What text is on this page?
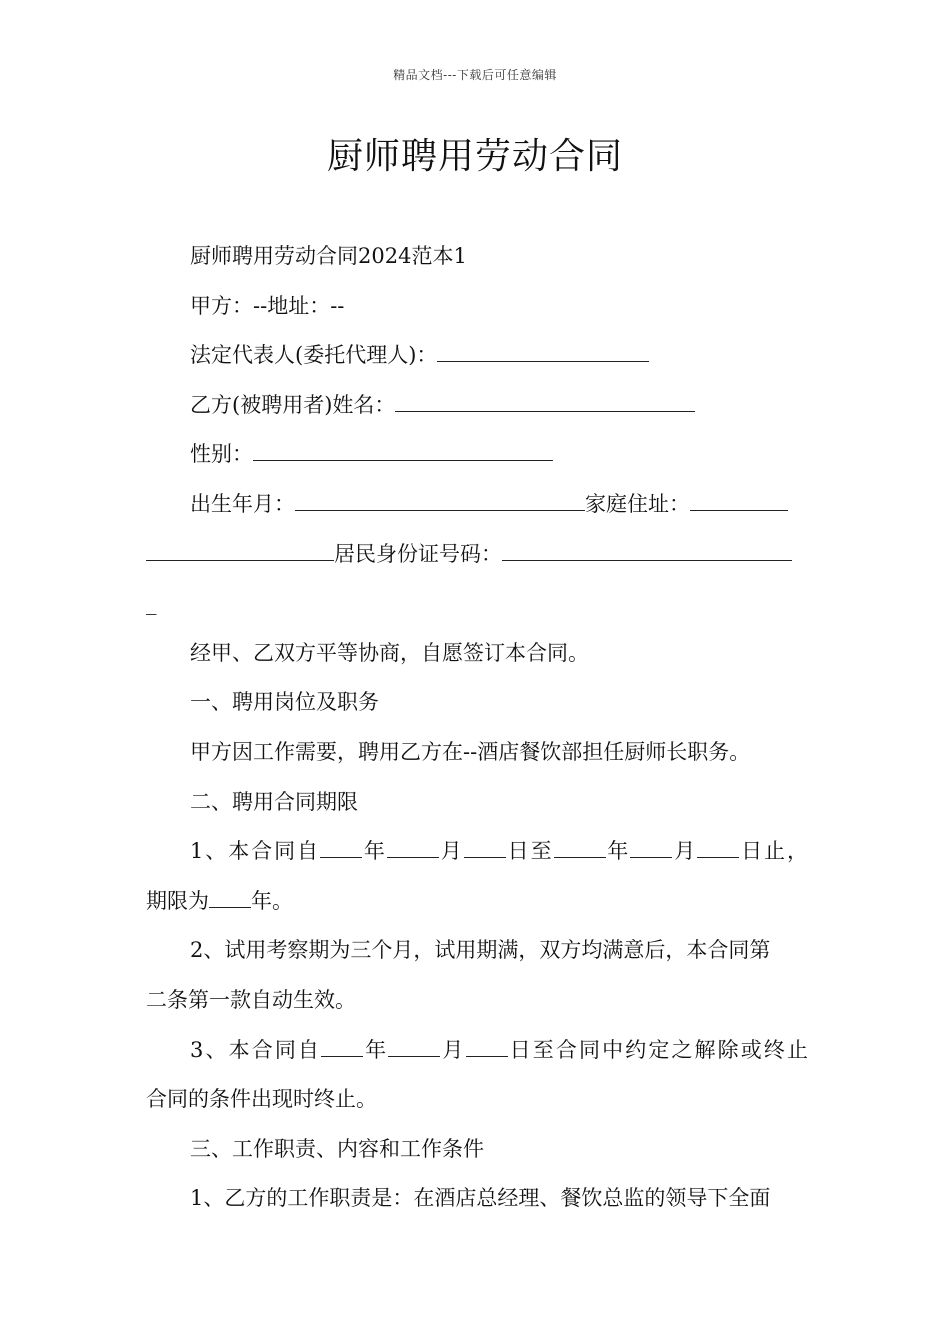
精品文档---下载后可任意编辑
厨师聘用劳动合同
厨师聘用劳动合同2024范本1
甲方：--地址：--
法定代表人(委托代理人)：
乙方(被聘用者)姓名：
性别：
出生年月：	家庭住址：
居民身份证号码：
_
经甲、乙双方平等协商，自愿签订本合同。
一、聘用岗位及职务
甲方因工作需要，聘用乙方在--酒店餐饮部担任厨师长职务。
二、聘用合同期限
1、本合同自 年 月 日至 年 月 日止，
期限为 年。
2、试用考察期为三个月，试用期满，双方均满意后，本合同第
二条第一款自动生效。
3、本合同自 年 月 日至合同中约定之解除或终止
合同的条件出现时终止。
三、工作职责、内容和工作条件
1、乙方的工作职责是：在酒店总经理、餐饮总监的领导下全面
